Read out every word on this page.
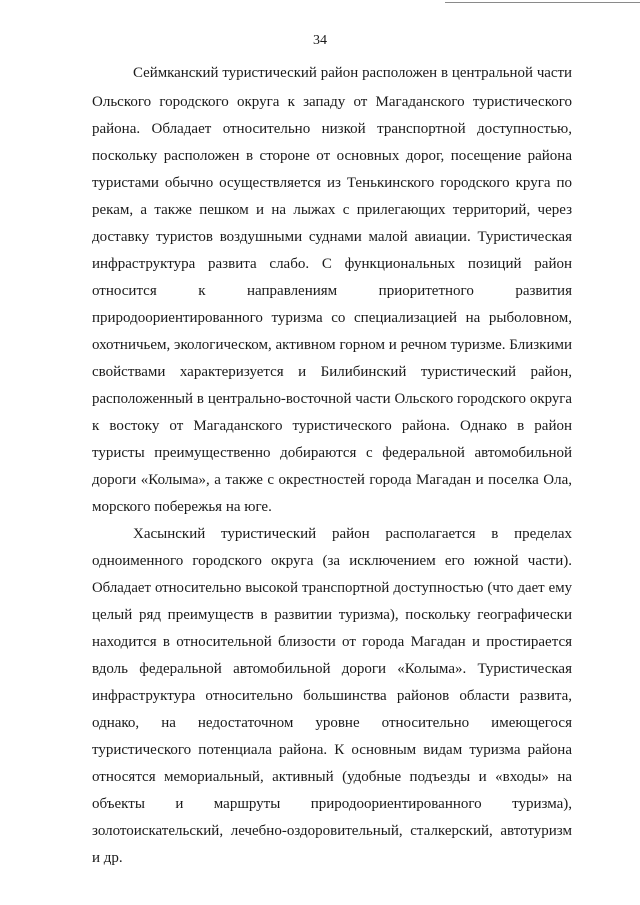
34
Сеймканский туристический район расположен в центральной части
Ольского городского округа к западу от Магаданского туристического
района. Обладает относительно низкой транспортной доступностью,
поскольку расположен в стороне от основных дорог, посещение района
туристами обычно осуществляется из Тенькинского городского круга по
рекам, а также пешком и на лыжах с прилегающих территорий, через
доставку туристов воздушными суднами малой авиации. Туристическая
инфраструктура развита слабо. С функциональных позиций район
относится к направлениям приоритетного развития
природоориентированного туризма со специализацией на рыболовном,
охотничьем, экологическом, активном горном и речном туризме. Близкими
свойствами характеризуется и Билибинский туристический район,
расположенный в центрально-восточной части Ольского городского округа
к востоку от Магаданского туристического района. Однако в район
туристы преимущественно добираются с федеральной автомобильной
дороги «Колыма», а также с окрестностей города Магадан и поселка Ола,
морского побережья на юге.
Хасынский туристический район располагается в пределах
одноименного городского округа (за исключением его южной части).
Обладает относительно высокой транспортной доступностью (что дает ему
целый ряд преимуществ в развитии туризма), поскольку географически
находится в относительной близости от города Магадан и простирается
вдоль федеральной автомобильной дороги «Колыма». Туристическая
инфраструктура относительно большинства районов области развита,
однако, на недостаточном уровне относительно имеющегося
туристического потенциала района. К основным видам туризма района
относятся мемориальный, активный (удобные подъезды и «входы» на
объекты и маршруты природоориентированного туризма),
золотоискательский, лечебно-оздоровительный, сталкерский, автотуризм
и др.
